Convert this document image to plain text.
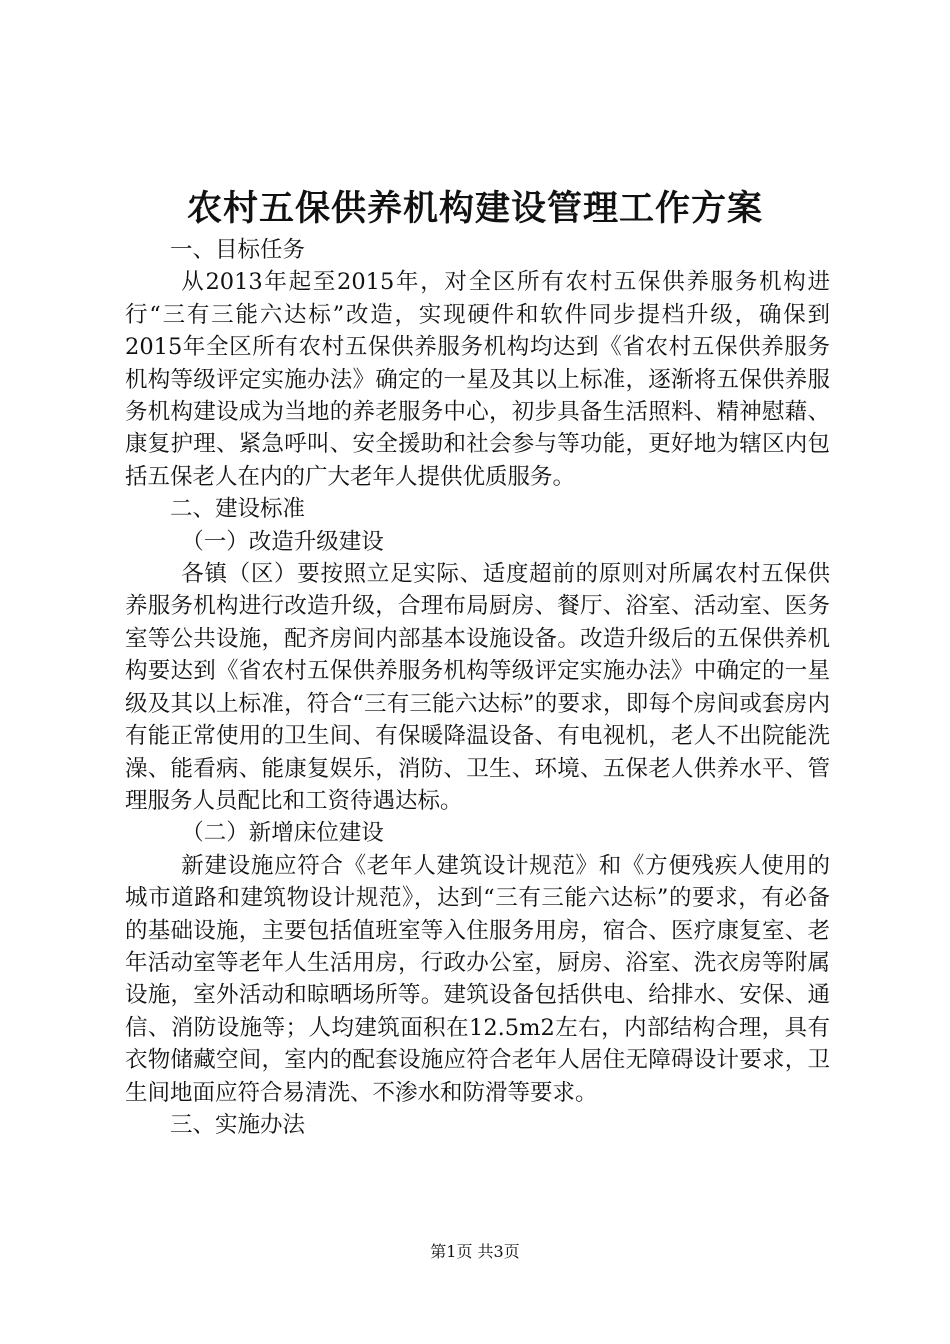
农村五保供养机构建设管理工作方案

一、目标任务

从2013年起至2015年，对全区所有农村五保供养服务机构进行“三有三能六达标”改造，实现硬件和软件同步提档升级，确保到2015年全区所有农村五保供养服务机构均达到《省农村五保供养服务机构等级评定实施办法》确定的一星及其以上标准，逐渐将五保供养服务机构建设成为当地的养老服务中心，初步具备生活照料、精神慰藉、康复护理、紧急呼叫、安全援助和社会参与等功能，更好地为辖区内包括五保老人在内的广大老年人提供优质服务。

二、建设标准

（一）改造升级建设

各镇（区）要按照立足实际、适度超前的原则对所属农村五保供养服务机构进行改造升级，合理布局厨房、餐厅、浴室、活动室、医务室等公共设施，配齐房间内部基本设施设备。改造升级后的五保供养机构要达到《省农村五保供养服务机构等级评定实施办法》中确定的一星级及其以上标准，符合“三有三能六达标”的要求，即每个房间或套房内有能正常使用的卫生间、有保暖降温设备、有电视机，老人不出院能洗澡、能看病、能康复娱乐，消防、卫生、环境、五保老人供养水平、管理服务人员配比和工资待遇达标。

（二）新增床位建设

新建设施应符合《老年人建筑设计规范》和《方便残疾人使用的城市道路和建筑物设计规范》，达到“三有三能六达标”的要求，有必备的基础设施，主要包括值班室等入住服务用房，宿合、医疗康复室、老年活动室等老年人生活用房，行政办公室，厨房、浴室、洗衣房等附属设施，室外活动和晾晒场所等。建筑设备包括供电、给排水、安保、通信、消防设施等；人均建筑面积在12.5m2左右，内部结构合理，具有衣物储藏空间，室内的配套设施应符合老年人居住无障碍设计要求，卫生间地面应符合易清洗、不渗水和防滑等要求。

三、实施办法

第1页 共3页
